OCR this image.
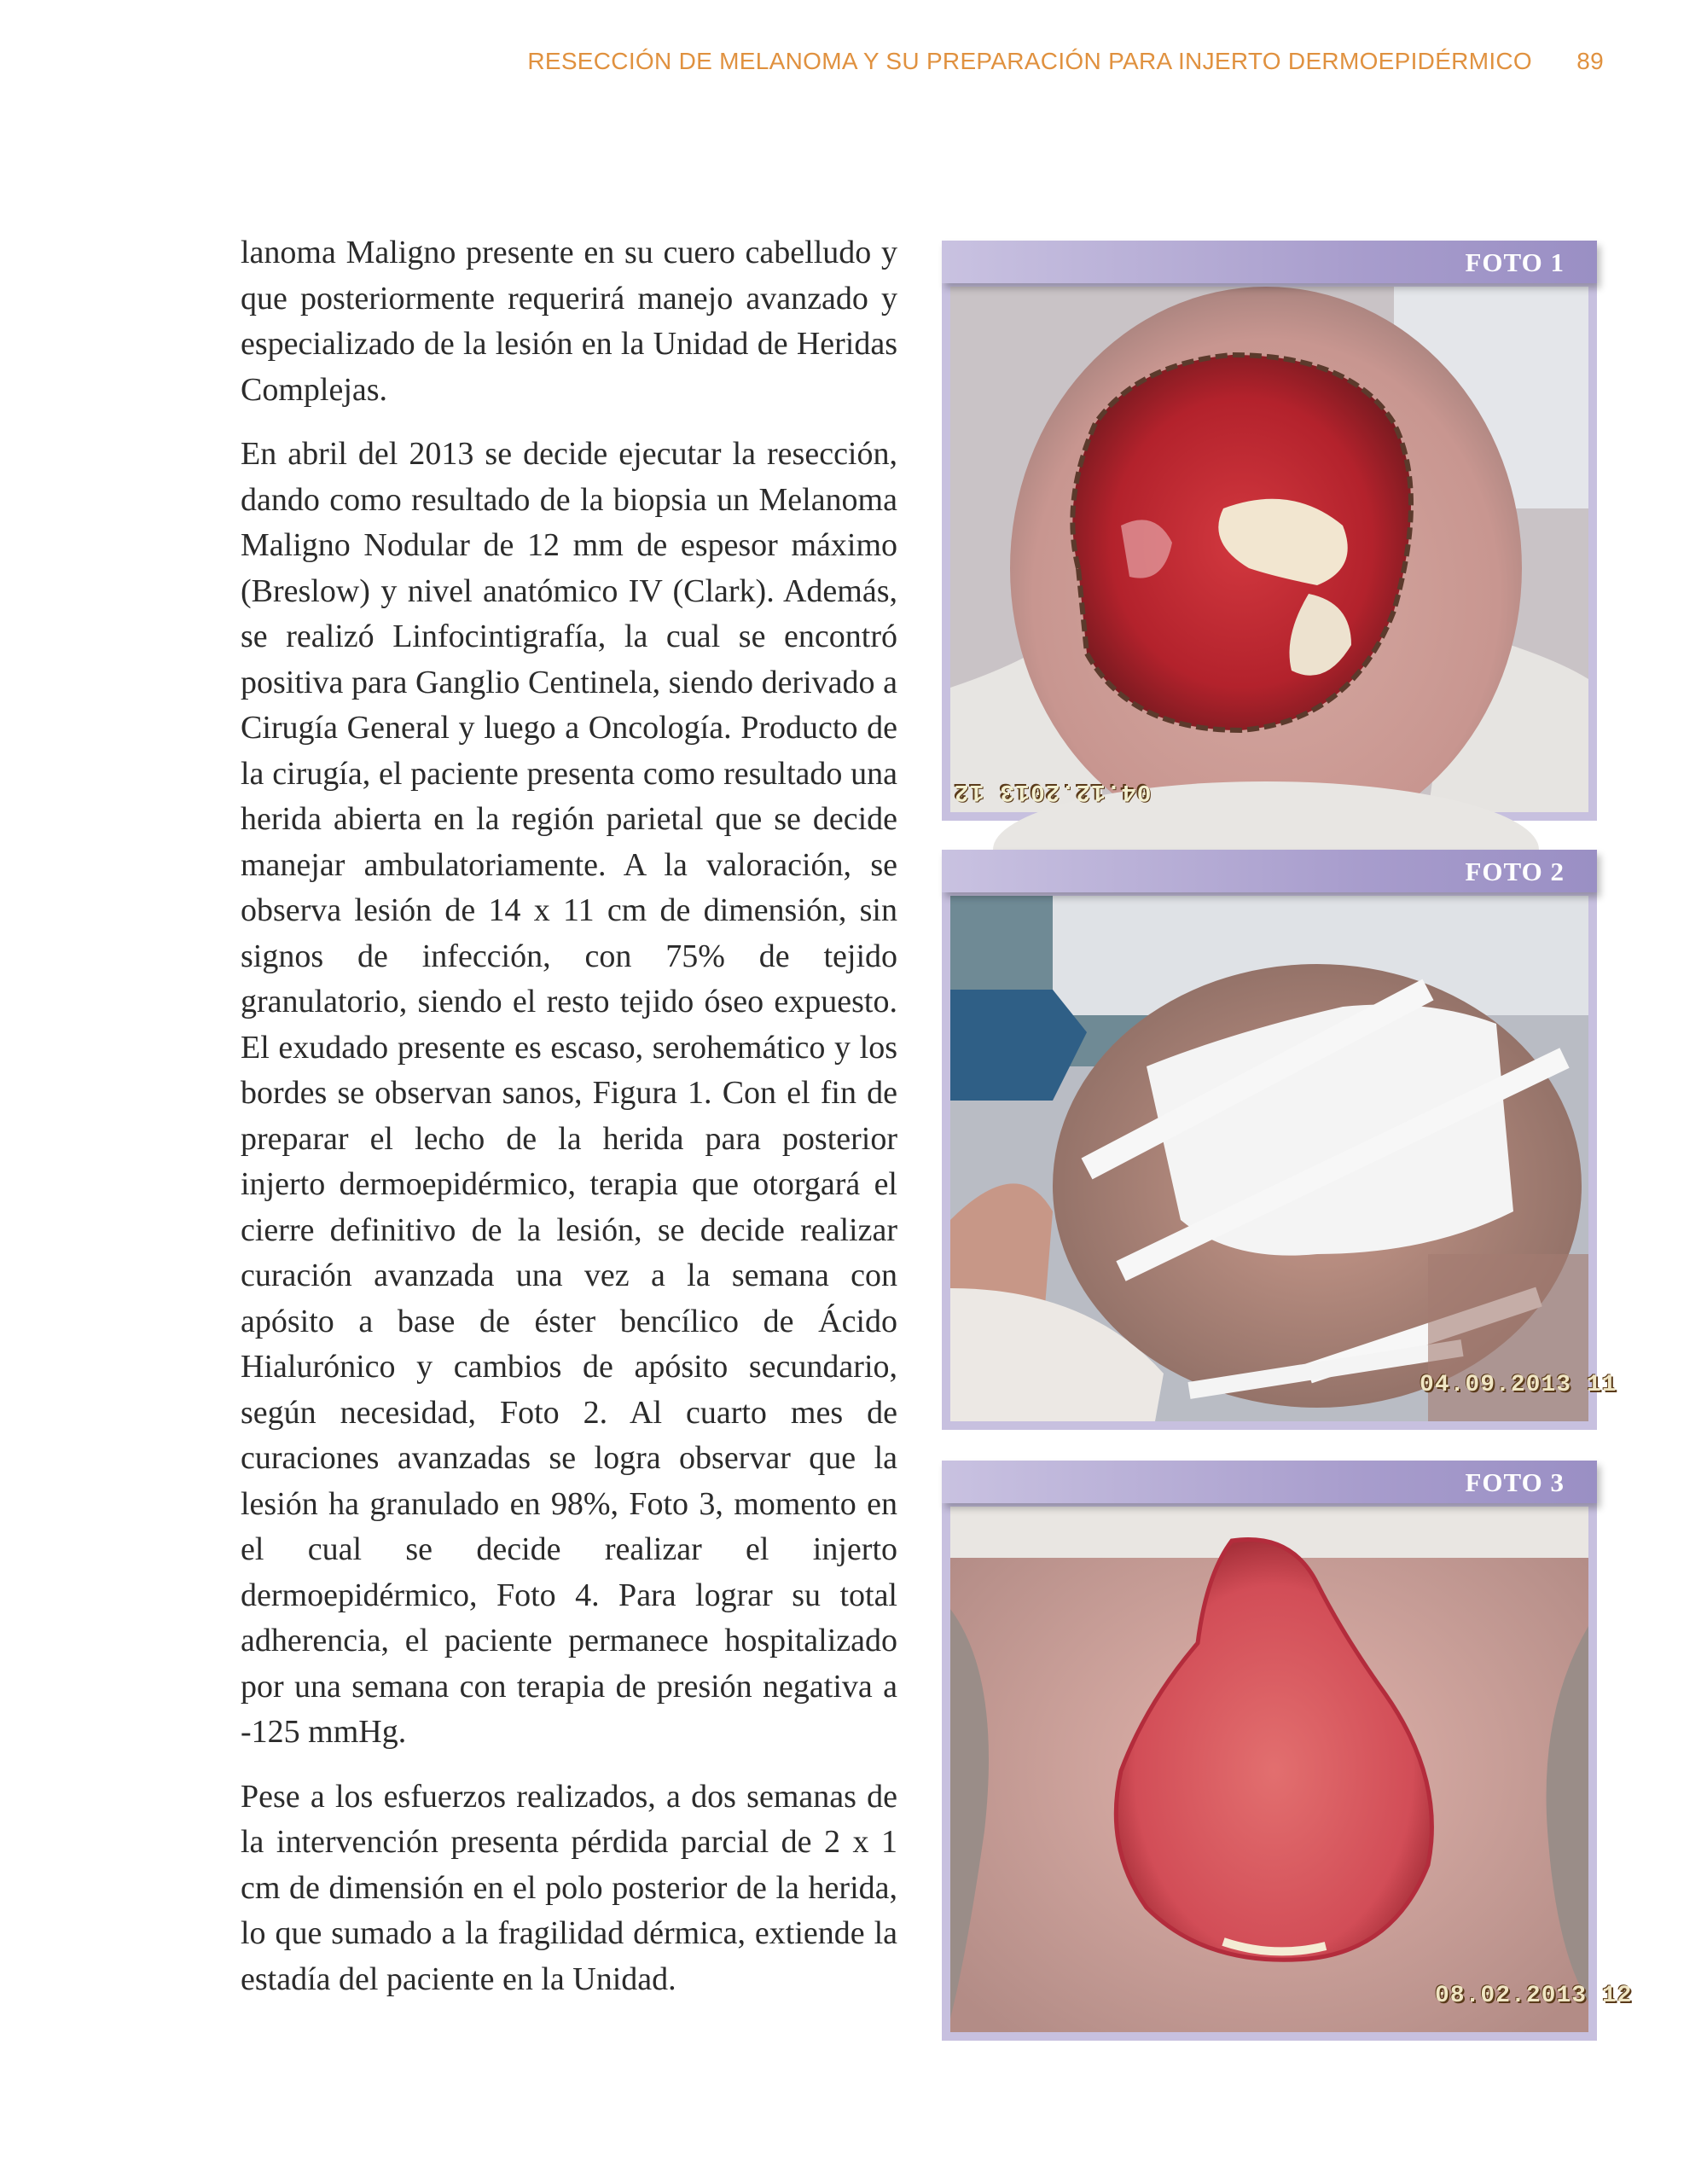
RESECCIÓN DE MELANOMA Y SU PREPARACIÓN PARA INJERTO DERMOEPIDÉRMICO 89

lanoma Maligno presente en su cuero cabelludo y que posteriormente requerirá manejo avanzado y especializado de la lesión en la Unidad de Heridas Complejas.

En abril del 2013 se decide ejecutar la resección, dando como resultado de la biopsia un Melanoma Maligno Nodular de 12 mm de espesor máximo (Breslow) y nivel anatómico IV (Clark). Además, se realizó Linfocintigrafía, la cual se encontró positiva para Ganglio Centinela, siendo derivado a Cirugía General y luego a Oncología. Producto de la cirugía, el paciente presenta como resultado una herida abierta en la región parietal que se decide manejar ambulatoriamente. A la valoración, se observa lesión de 14 x 11 cm de dimensión, sin signos de infección, con 75% de tejido granulatorio, siendo el resto tejido óseo expuesto. El exudado presente es escaso, serohemático y los bordes se observan sanos, Figura 1. Con el fin de preparar el lecho de la herida para posterior injerto dermoepidérmico, terapia que otorgará el cierre definitivo de la lesión, se decide realizar curación avanzada una vez a la semana con apósito a base de éster bencílico de Ácido Hialurónico y cambios de apósito secundario, según necesidad, Foto 2. Al cuarto mes de curaciones avanzadas se logra observar que la lesión ha granulado en 98%, Foto 3, momento en el cual se decide realizar el injerto dermoepidérmico, Foto 4. Para lograr su total adherencia, el paciente permanece hospitalizado por una semana con terapia de presión negativa a -125 mmHg.

Pese a los esfuerzos realizados, a dos semanas de la intervención presenta pérdida parcial de 2 x 1 cm de dimensión en el polo posterior de la herida, lo que sumado a la fragilidad dérmica, extiende la estadía del paciente en la Unidad.

04.12.2013 12
FOTO 1
04.09.2013 11
FOTO 2
08.02.2013 12
FOTO 3
